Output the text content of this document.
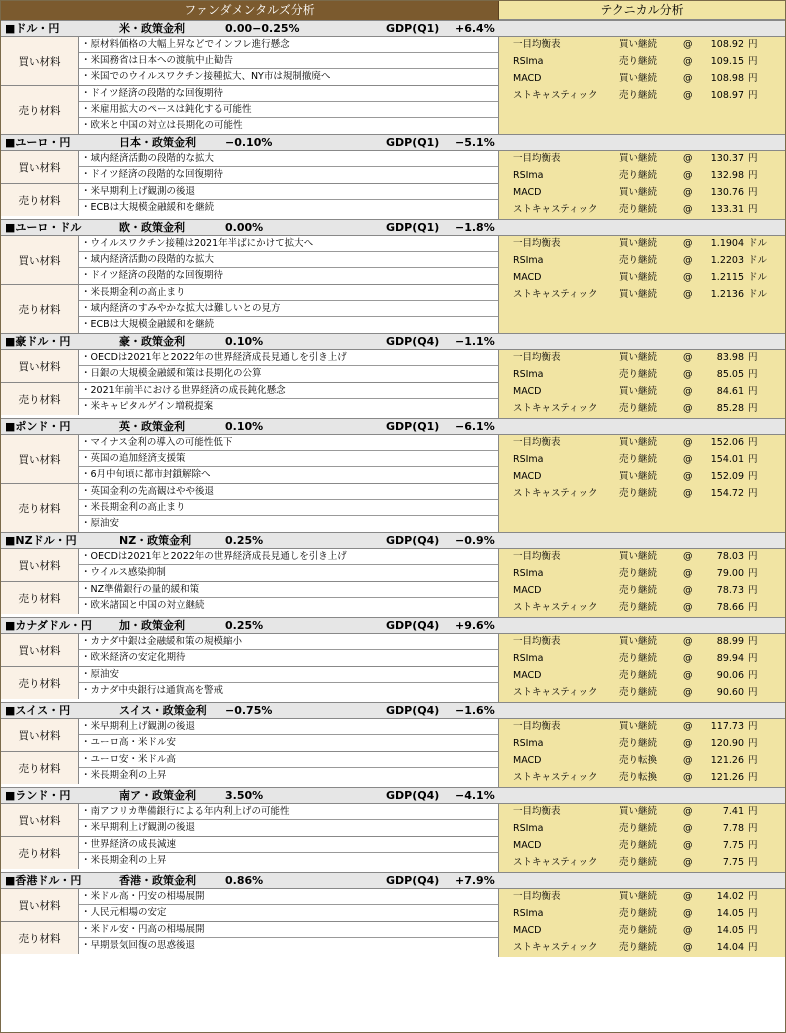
ファンダメンタルズ分析	テクニカル分析
■ドル・円	米・政策金利	0.00−0.25%	GDP(Q1) +6.4%
買い材料
・原材料価格の大幅上昇などでインフレ進行懸念
・米国務省は日本への渡航中止勧告
・米国でのウイルスワクチン接種拡大、NY市は規制撤廃へ
売り材料
・ドイツ経済の段階的な回復期待
・米雇用拡大のペースは鈍化する可能性
・欧米と中国の対立は長期化の可能性
一目均衡表	買い継続	@	108.92 円
RSIma	売り継続	@	109.15 円
MACD	買い継続	@	108.98 円
ストキャスティック 売り継続	@	108.97 円
■ユーロ・円	日本・政策金利	−0.10%	GDP(Q1) −5.1%
買い材料
・域内経済活動の段階的な拡大
・ドイツ経済の段階的な回復期待
売り材料
・米早期利上げ観測の後退
・ECBは大規模金融緩和を継続
一目均衡表	買い継続	@	130.37 円
RSIma	売り継続	@	132.98 円
MACD	買い継続	@	130.76 円
ストキャスティック 売り継続	@	133.31 円
■ユーロ・ドル	欧・政策金利	0.00%	GDP(Q1) −1.8%
買い材料
・ウイルスワクチン接種は2021年半ばにかけて拡大へ
・域内経済活動の段階的な拡大
・ドイツ経済の段階的な回復期待
売り材料
・米長期金利の高止まり
・域内経済のすみやかな拡大は難しいとの見方
・ECBは大規模金融緩和を継続
一目均衡表	買い継続	@	1.1904 ドル
RSIma	売り継続	@	1.2203 ドル
MACD	買い継続	@	1.2115 ドル
ストキャスティック 買い継続	@	1.2136 ドル
■豪ドル・円	豪・政策金利	0.10%	GDP(Q4) −1.1%
買い材料
・OECDは2021年と2022年の世界経済成長見通しを引き上げ
・日銀の大規模金融緩和策は長期化の公算
売り材料
・2021年前半における世界経済の成長鈍化懸念
・米キャピタルゲイン増税提案
一目均衡表	買い継続	@	83.98 円
RSIma	売り継続	@	85.05 円
MACD	買い継続	@	84.61 円
ストキャスティック 売り継続	@	85.28 円
■ポンド・円	英・政策金利	0.10%	GDP(Q1) −6.1%
買い材料
・マイナス金利の導入の可能性低下
・英国の追加経済支援策
・6月中旬頃に都市封鎖解除へ
売り材料
・英国金利の先高観はやや後退
・米長期金利の高止まり
・原油安
一目均衡表	買い継続	@	152.06 円
RSIma	売り継続	@	154.01 円
MACD	買い継続	@	152.09 円
ストキャスティック 売り継続	@	154.72 円
■NZドル・円	NZ・政策金利	0.25%	GDP(Q4) −0.9%
買い材料
・OECDは2021年と2022年の世界経済成長見通しを引き上げ
・ウイルス感染抑制
売り材料
・NZ準備銀行の量的緩和策
・欧米諸国と中国の対立継続
一目均衡表	買い継続	@	78.03 円
RSIma	売り継続	@	79.00 円
MACD	売り継続	@	78.73 円
ストキャスティック 売り継続	@	78.66 円
■カナダドル・円 加・政策金利	0.25%	GDP(Q4) +9.6%
買い材料
・カナダ中銀は金融緩和策の規模縮小
・欧米経済の安定化期待
売り材料
・原油安
・カナダ中央銀行は通貨高を警戒
一目均衡表	買い継続	@	88.99 円
RSIma	売り継続	@	89.94 円
MACD	売り継続	@	90.06 円
ストキャスティック 売り継続	@	90.60 円
■スイス・円	スイス・政策金利 −0.75%	GDP(Q4) −1.6%
買い材料
・米早期利上げ観測の後退
・ユーロ高・米ドル安
売り材料
・ユーロ安・米ドル高
・米長期金利の上昇
一目均衡表	買い継続	@	117.73 円
RSIma	売り継続	@	120.90 円
MACD	売り転換	@	121.26 円
ストキャスティック 売り転換	@	121.26 円
■ランド・円	南ア・政策金利	3.50%	GDP(Q4) −4.1%
買い材料
・南アフリカ準備銀行による年内利上げの可能性
・米早期利上げ観測の後退
売り材料
・世界経済の成長減速
・米長期金利の上昇
一目均衡表	買い継続	@	7.41 円
RSIma	売り継続	@	7.78 円
MACD	売り継続	@	7.75 円
ストキャスティック 売り継続	@	7.75 円
■香港ドル・円	香港・政策金利	0.86%	GDP(Q4) +7.9%
買い材料
・米ドル高・円安の相場展開
・人民元相場の安定
売り材料
・米ドル安・円高の相場展開
・早期景気回復の思惑後退
一目均衡表	買い継続	@	14.02 円
RSIma	売り継続	@	14.05 円
MACD	売り継続	@	14.05 円
ストキャスティック 売り継続	@	14.04 円
